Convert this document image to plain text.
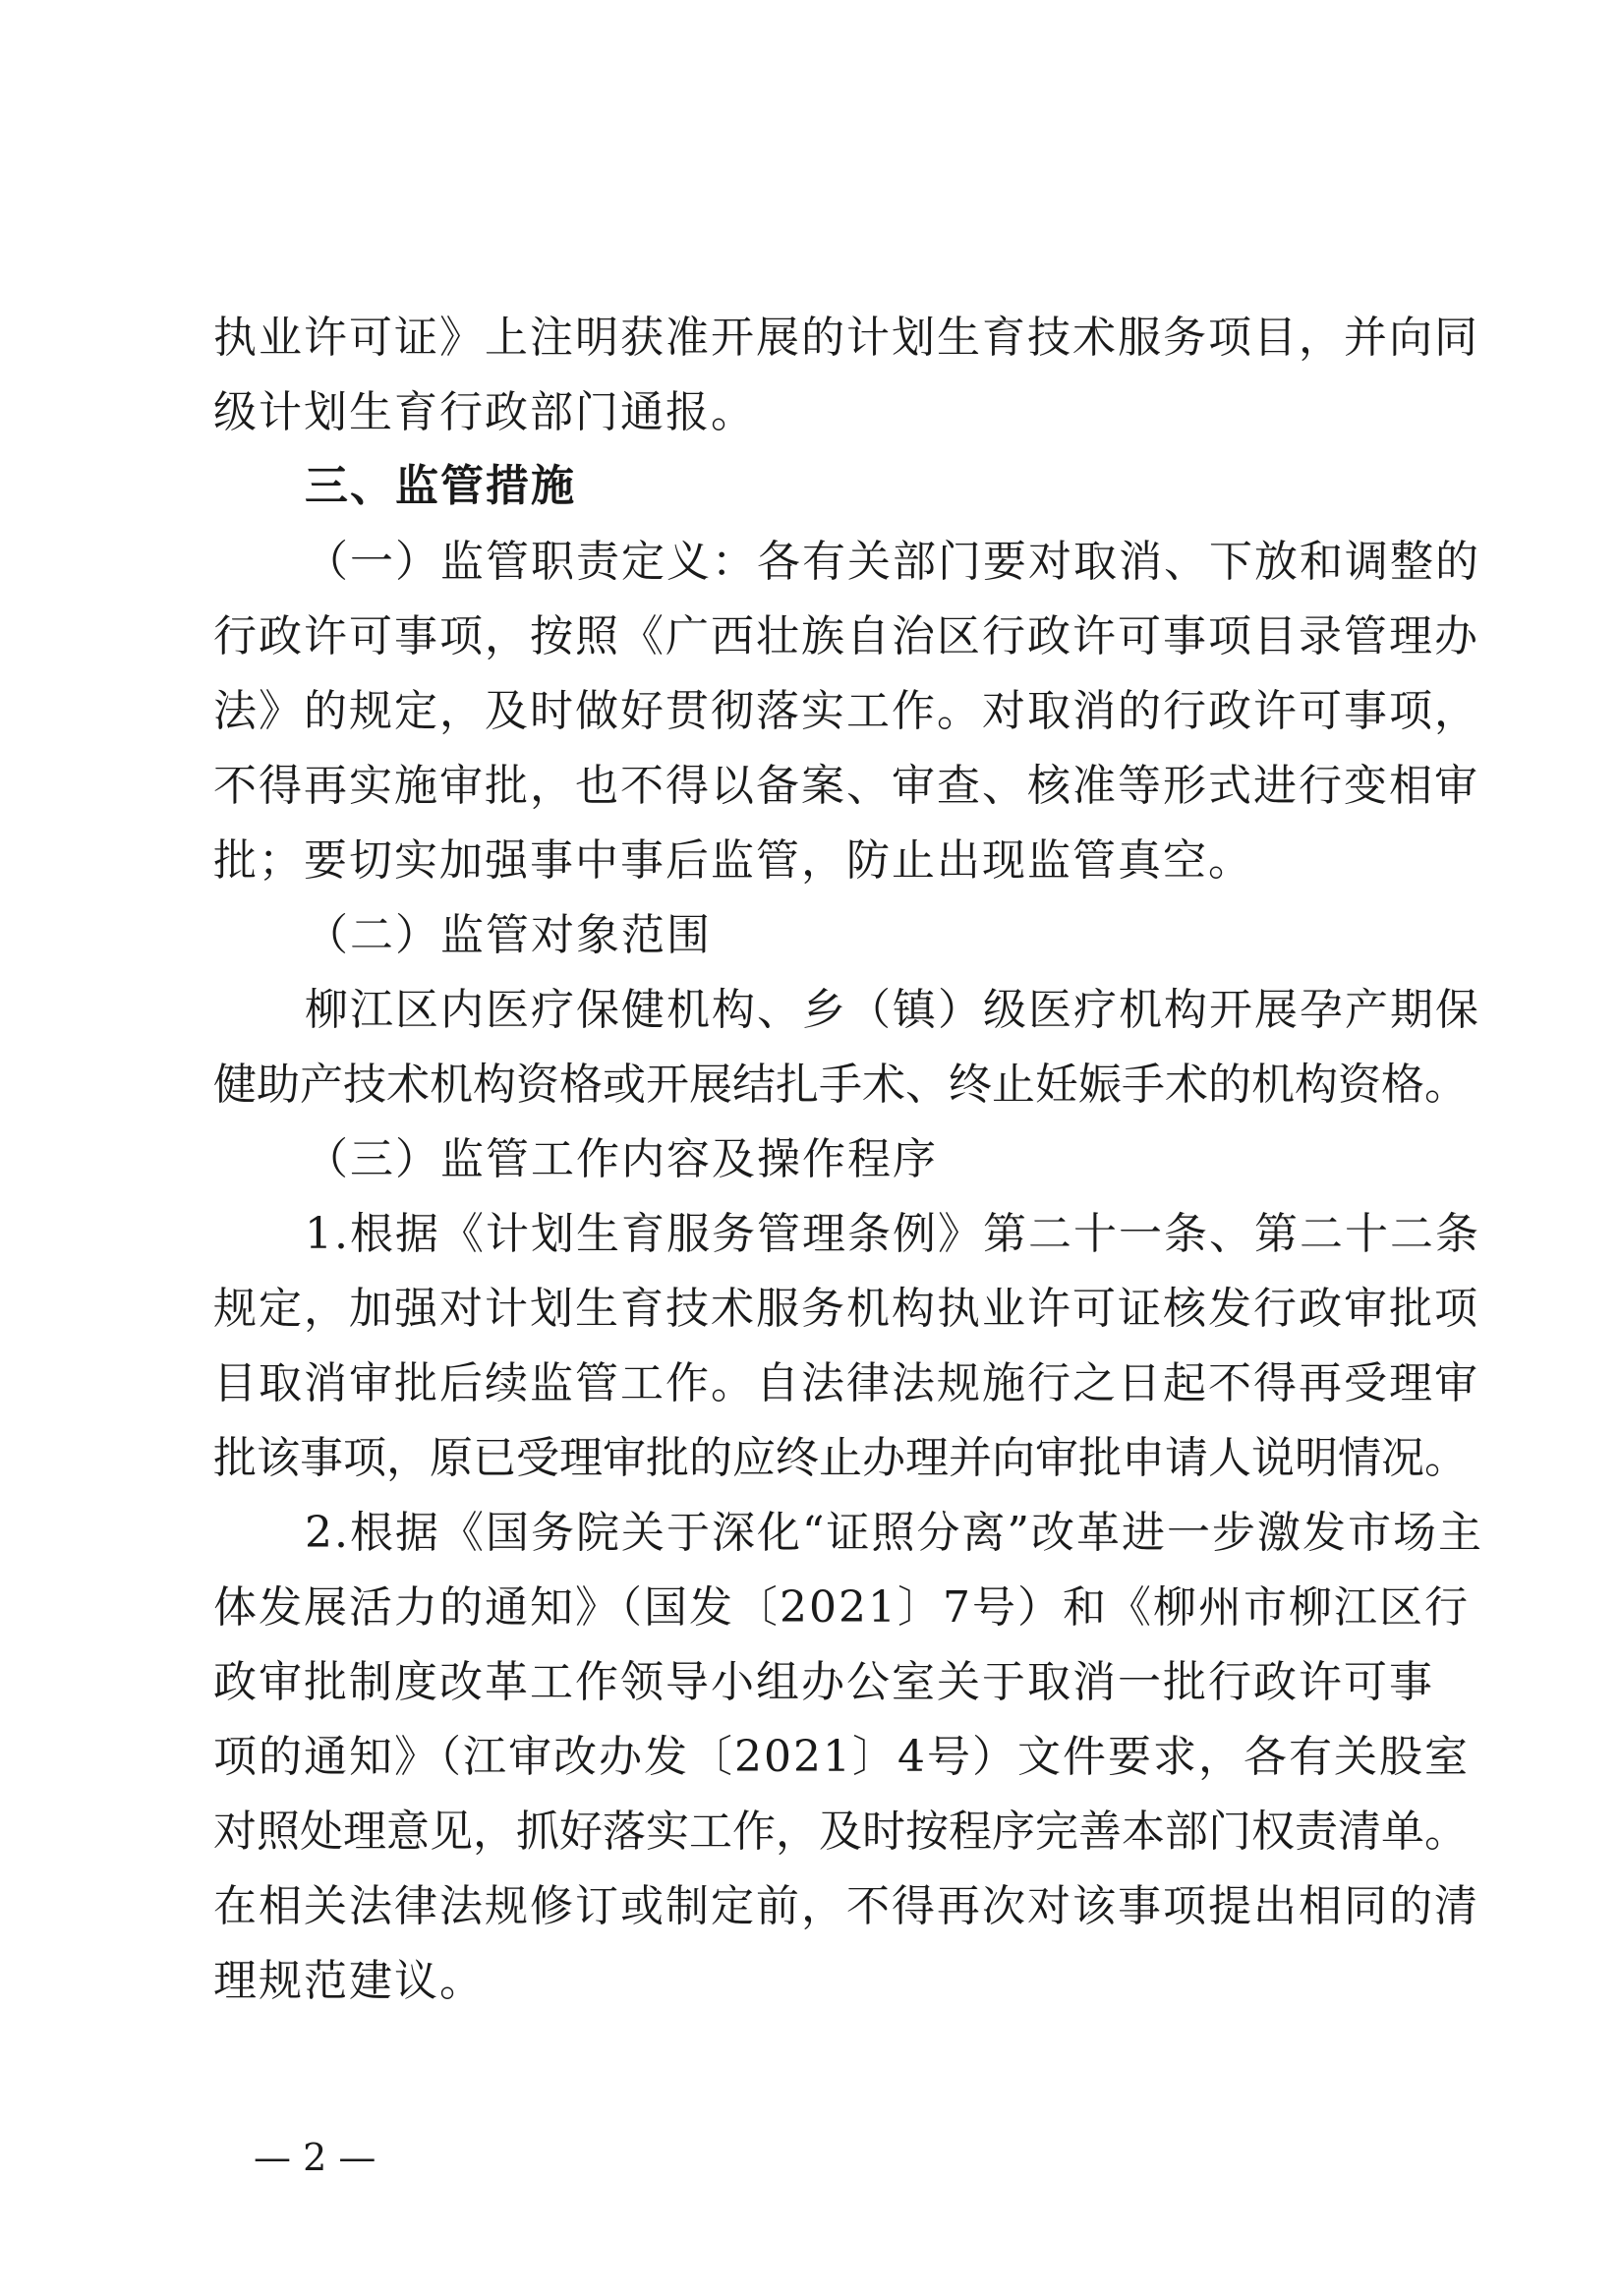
执业许可证》上注明获准开展的计划生育技术服务项目，并向同
级计划生育行政部门通报。
三、监管措施
（一）监管职责定义：各有关部门要对取消、下放和调整的
行政许可事项，按照《广西壮族自治区行政许可事项目录管理办
法》的规定，及时做好贯彻落实工作。对取消的行政许可事项，
不得再实施审批，也不得以备案、审查、核准等形式进行变相审
批；要切实加强事中事后监管，防止出现监管真空。
（二）监管对象范围
柳江区内医疗保健机构、乡（镇）级医疗机构开展孕产期保
健助产技术机构资格或开展结扎手术、终止妊娠手术的机构资格。
（三）监管工作内容及操作程序
1.根据《计划生育服务管理条例》第二十一条、第二十二条
规定，加强对计划生育技术服务机构执业许可证核发行政审批项
目取消审批后续监管工作。自法律法规施行之日起不得再受理审
批该事项，原已受理审批的应终止办理并向审批申请人说明情况。
2.根据《国务院关于深化“证照分离”改革进一步激发市场主
体发展活力的通知》（国发〔2021〕7号）和《柳州市柳江区行
政审批制度改革工作领导小组办公室关于取消一批行政许可事
项的通知》（江审改办发〔2021〕4号）文件要求，各有关股室
对照处理意见，抓好落实工作，及时按程序完善本部门权责清单。
在相关法律法规修订或制定前，不得再次对该事项提出相同的清
理规范建议。
— 2 —
